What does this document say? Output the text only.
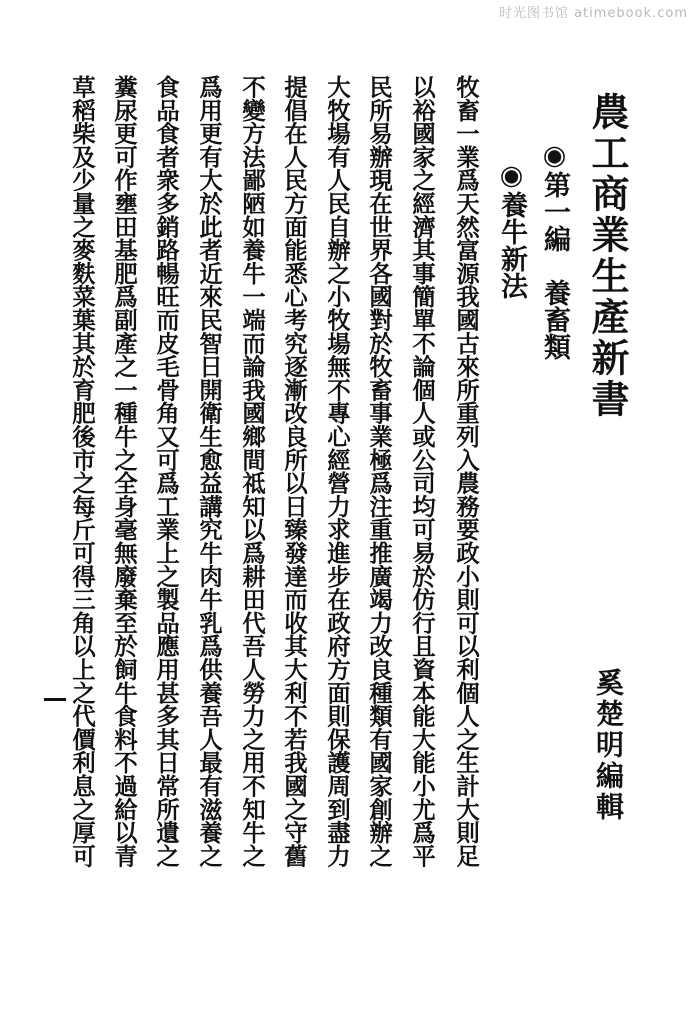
时光图书馆 atimebook.com
農工商業生產新書
奚楚明編輯
◉第一編　養畜類
◉養牛新法
牧畜一業爲天然富源我國古來所重列入農務要政小則可以利個人之生計大則足
以裕國家之經濟其事簡單不論個人或公司均可易於仿行且資本能大能小尤爲平
民所易辦現在世界各國對於牧畜事業極爲注重推廣竭力改良種類有國家創辦之
大牧場有人民自辦之小牧場無不專心經營力求進步在政府方面則保護周到盡力
提倡在人民方面能悉心考究逐漸改良所以日臻發達而收其大利不若我國之守舊
不變方法鄙陋如養牛一端而論我國鄉間祗知以爲耕田代吾人勞力之用不知牛之
爲用更有大於此者近來民智日開衛生愈益講究牛肉牛乳爲供養吾人最有滋養之
食品食者衆多銷路暢旺而皮毛骨角又可爲工業上之製品應用甚多其日常所遺之
糞尿更可作壅田基肥爲副產之一種牛之全身毫無廢棄至於飼牛食料不過給以青
草稻柴及少量之麥麩菜葉其於育肥後市之每斤可得三角以上之代價利息之厚可
